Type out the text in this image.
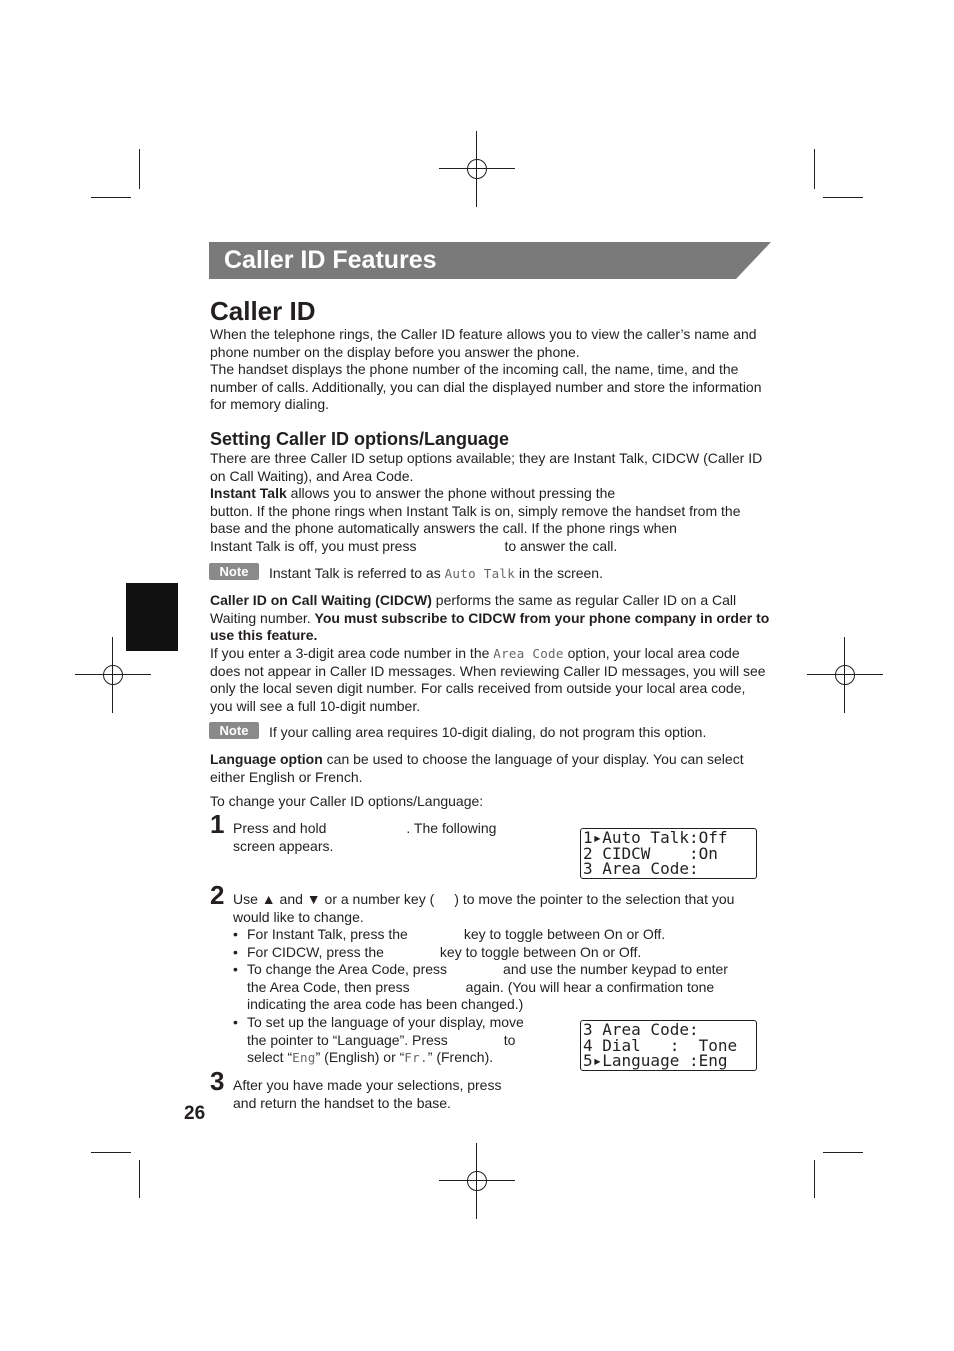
Caller ID Features
Caller ID
When the telephone rings, the Caller ID feature allows you to view the caller’s name and phone number on the display before you answer the phone.
The handset displays the phone number of the incoming call, the name, time, and the number of calls. Additionally, you can dial the displayed number and store the information for memory dialing.
Setting Caller ID options/Language
There are three Caller ID setup options available; they are Instant Talk, CIDCW (Caller ID on Call Waiting), and Area Code.
Instant Talk allows you to answer the phone without pressing the
button. If the phone rings when Instant Talk is on, simply remove the handset from the base and the phone automatically answers the call. If the phone rings when
Instant Talk is off, you must press	to answer the call.
Note	Instant Talk is referred to as Auto Talk in the screen.
Caller ID on Call Waiting (CIDCW) performs the same as regular Caller ID on a Call Waiting number. You must subscribe to CIDCW from your phone company in order to use this feature.
If you enter a 3-digit area code number in the Area Code option, your local area code does not appear in Caller ID messages. When reviewing Caller ID messages, you will see only the local seven digit number. For calls received from outside your local area code, you will see a full 10-digit number.
Note	If your calling area requires 10-digit dialing, do not program this option.
Language option can be used to choose the language of your display. You can select either English or French.
To change your Caller ID options/Language:
1 Press and hold	. The following
screen appears.	1▸Auto Talk:Off
2 CIDCW    :On
3 Area Code:
2 Use ▲ and ▼ or a number key ( ) to move the pointer to the selection that you
would like to change.
• For Instant Talk, press the	key to toggle between On or Off.
• For CIDCW, press the	key to toggle between On or Off.
• To change the Area Code, press	and use the number keypad to enter
the Area Code, then press	again. (You will hear a confirmation tone
indicating the area code has been changed.)
• To set up the language of your display, move
the pointer to “Language”. Press	to
select “Eng” (English) or “Fr.” (French).
3 Area Code:
4 Dial   :  Tone
5▸Language :Eng
3 After you have made your selections, press
and return the handset to the base.
26
